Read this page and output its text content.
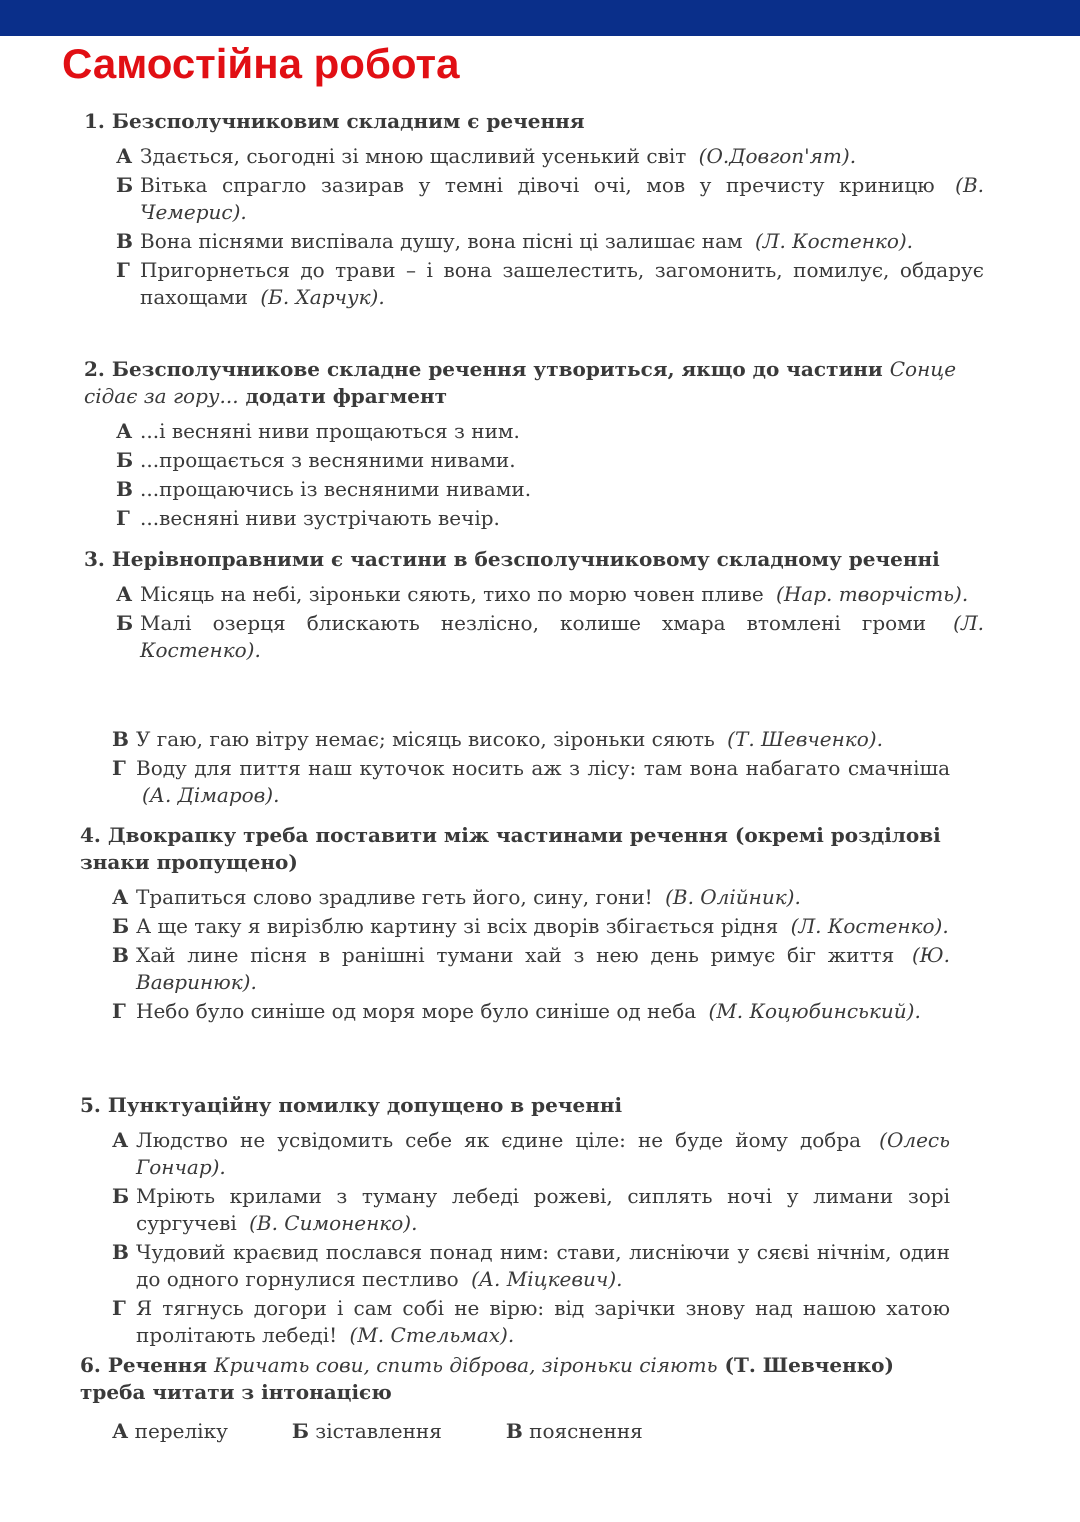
Самостійна робота
1. Безсполучниковим складним є речення
А Здається, сьогодні зі мною щасливий усенький світ (О.Довгоп'ят).
Б Вітька спрагло зазирав у темні дівочі очі, мов у пречисту криницю (В. Чемерис).
В Вона піснями виспівала душу, вона пісні ці залишає нам (Л. Костенко).
Г Пригорнеться до трави – і вона зашелестить, загомонить, помилує, обдарує пахощами (Б. Харчук).
2. Безсполучникове складне речення утвориться, якщо до частини Сонце сідає за гору... додати фрагмент
А ...і весняні ниви прощаються з ним.
Б ...прощається з весняними нивами.
В ...прощаючись із весняними нивами.
Г ...весняні ниви зустрічають вечір.
3. Нерівноправними є частини в безсполучниковому складному реченні
А Місяць на небі, зіроньки сяють, тихо по морю човен пливе (Нар. творчість).
Б Малі озерця блискають незлісно, колише хмара втомлені громи (Л. Костенко).
В У гаю, гаю вітру немає; місяць високо, зіроньки сяють (Т. Шевченко).
Г Воду для пиття наш куточок носить аж з лісу: там вона набагато смачніша (А. Дімаров).
4. Двокрапку треба поставити між частинами речення (окремі розділові знаки пропущено)
А Трапиться слово зрадливе геть його, сину, гони! (В. Олійник).
Б А ще таку я вирізблю картину зі всіх дворів збігається рідня (Л. Костенко).
В Хай лине пісня в ранішні тумани хай з нею день римує біг життя (Ю. Вавринюк).
Г Небо було синіше од моря море було синіше од неба (М. Коцюбинський).
5. Пунктуаційну помилку допущено в реченні
А Людство не усвідомить себе як єдине ціле: не буде йому добра (Олесь Гончар).
Б Мріють крилами з туману лебеді рожеві, сиплять ночі у лимани зорі сургучеві (В. Симоненко).
В Чудовий краєвид послався понад ним: стави, лиснiючи у сяєві нічнім, один до одного горнулися пестливо (А. Міцкевич).
Г Я тягнусь догори і сам собі не вірю: від зарічки знову над нашою хатою пролітають лебеді! (М. Стельмах).
6. Речення Кричать сови, спить діброва, зіроньки сіяють (Т. Шевченко) треба читати з інтонацією
А переліку	Б зіставлення	В пояснення
